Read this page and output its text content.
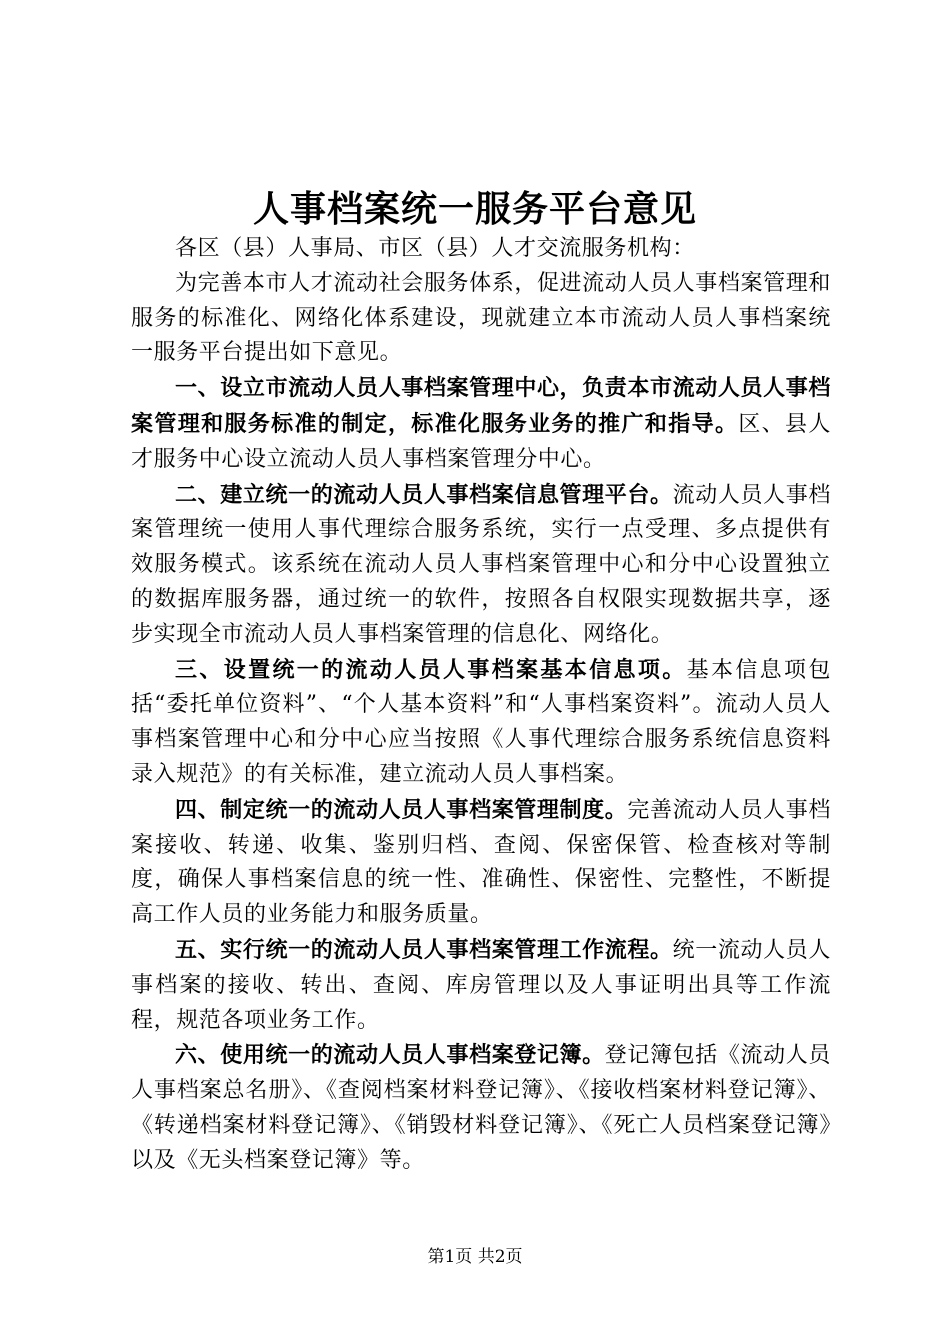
人事档案统一服务平台意见

各区（县）人事局、市区（县）人才交流服务机构：

为完善本市人才流动社会服务体系，促进流动人员人事档案管理和服务的标准化、网络化体系建设，现就建立本市流动人员人事档案统一服务平台提出如下意见。

一、设立市流动人员人事档案管理中心，负责本市流动人员人事档案管理和服务标准的制定，标准化服务业务的推广和指导。区、县人才服务中心设立流动人员人事档案管理分中心。

二、建立统一的流动人员人事档案信息管理平台。流动人员人事档案管理统一使用人事代理综合服务系统，实行一点受理、多点提供有效服务模式。该系统在流动人员人事档案管理中心和分中心设置独立的数据库服务器，通过统一的软件，按照各自权限实现数据共享，逐步实现全市流动人员人事档案管理的信息化、网络化。

三、设置统一的流动人员人事档案基本信息项。基本信息项包括“委托单位资料”、“个人基本资料”和“人事档案资料”。流动人员人事档案管理中心和分中心应当按照《人事代理综合服务系统信息资料录入规范》的有关标准，建立流动人员人事档案。

四、制定统一的流动人员人事档案管理制度。完善流动人员人事档案接收、转递、收集、鉴别归档、查阅、保密保管、检查核对等制度，确保人事档案信息的统一性、准确性、保密性、完整性，不断提高工作人员的业务能力和服务质量。

五、实行统一的流动人员人事档案管理工作流程。统一流动人员人事档案的接收、转出、查阅、库房管理以及人事证明出具等工作流程，规范各项业务工作。

六、使用统一的流动人员人事档案登记簿。登记簿包括《流动人员人事档案总名册》、《查阅档案材料登记簿》、《接收档案材料登记簿》、《转递档案材料登记簿》、《销毁材料登记簿》、《死亡人员档案登记簿》以及《无头档案登记簿》等。

第1页 共2页
